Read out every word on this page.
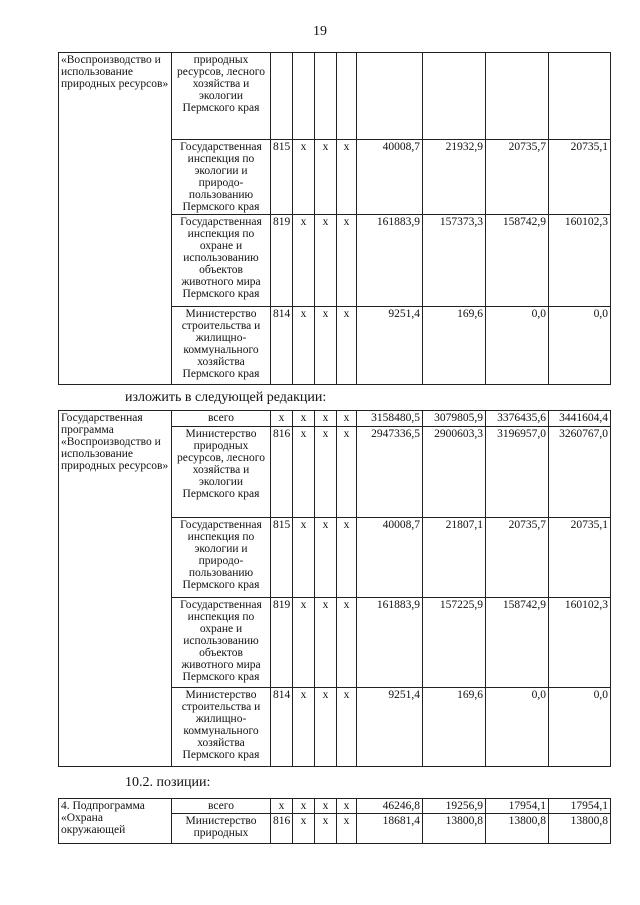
19
«Воспроизводство и использование природных ресурсов»	природных ресурсов, лесного хозяйства и экологии Пермского края								
	Государственная инспекция по экологии и природо-пользованию Пермского края	815	x	x	x	40008,7	21932,9	20735,7	20735,1
	Государственная инспекция по охране и использованию объектов животного мира Пермского края	819	x	x	x	161883,9	157373,3	158742,9	160102,3
	Министерство строительства и жилищно-коммунального хозяйства Пермского края	814	x	x	x	9251,4	169,6	0,0	0,0
изложить в следующей редакции:
Государственная программа «Воспроизводство и использование природных ресурсов»	всего	x	x	x	x	3158480,5	3079805,9	3376435,6	3441604,4
	Министерство природных ресурсов, лесного хозяйства и экологии Пермского края	816	x	x	x	2947336,5	2900603,3	3196957,0	3260767,0
	Государственная инспекция по экологии и природо-пользованию Пермского края	815	x	x	x	40008,7	21807,1	20735,7	20735,1
	Государственная инспекция по охране и использованию объектов животного мира Пермского края	819	x	x	x	161883,9	157225,9	158742,9	160102,3
	Министерство строительства и жилищно-коммунального хозяйства Пермского края	814	x	x	x	9251,4	169,6	0,0	0,0
10.2. позиции:
4. Подпрограмма «Охрана окружающей	всего	x	x	x	x	46246,8	19256,9	17954,1	17954,1
	Министерство природных	816	x	x	x	18681,4	13800,8	13800,8	13800,8
